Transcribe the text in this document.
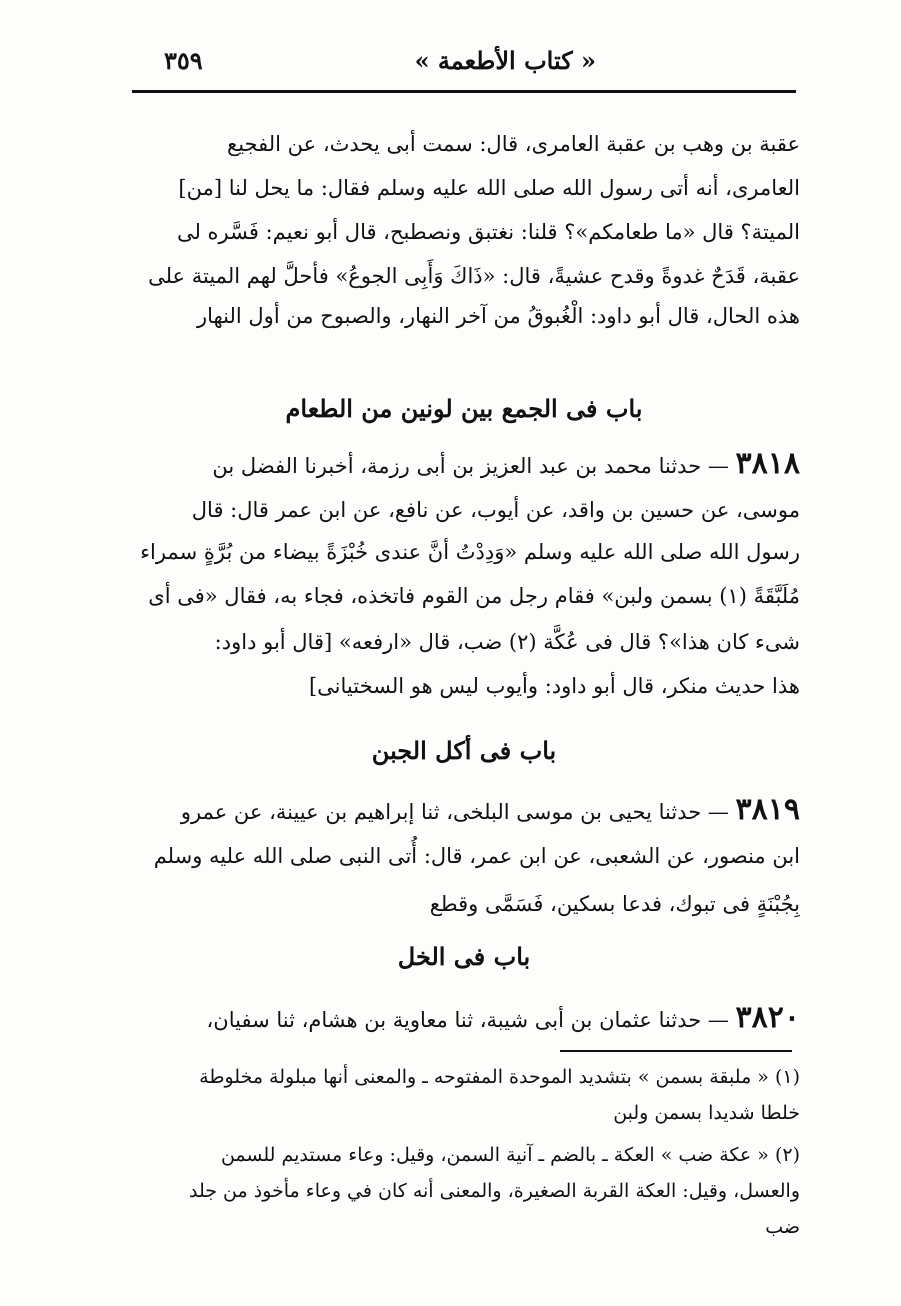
« كتاب الأطعمة »
٣٥٩
عقبة بن وهب بن عقبة العامرى، قال: سمت أبى يحدث، عن الفجيع
العامرى، أنه أتى رسول الله صلى الله عليه وسلم فقال: ما يحل لنا [من]
الميتة؟ قال «ما طعامكم»؟ قلنا: نغتبق ونصطبح، قال أبو نعيم: فَسَّره لى
عقبة، قَدَحٌ غدوةً وقدح عشيةً، قال: «ذَاكَ وَأَبِى الجوعُ» فأحلَّ لهم الميتة على
هذه الحال، قال أبو داود: الْغُبوقُ من آخر النهار، والصبوح من أول النهار
باب فى الجمع بين لونين من الطعام
٣٨١٨ — حدثنا محمد بن عبد العزيز بن أبى رزمة، أخبرنا الفضل بن
موسى، عن حسين بن واقد، عن أيوب، عن نافع، عن ابن عمر قال: قال
رسول الله صلى الله عليه وسلم «وَدِدْتُ أنَّ عندى خُبْزَةً بيضاء من بُرَّةٍ سمراء
مُلَبَّقَةً (١) بسمن ولبن» فقام رجل من القوم فاتخذه، فجاء به، فقال «فى أى
شىء كان هذا»؟ قال فى عُكَّة (٢) ضب، قال «ارفعه» [قال أبو داود:
هذا حديث منكر، قال أبو داود: وأيوب ليس هو السختيانى]
باب فى أكل الجبن
٣٨١٩ — حدثنا يحيى بن موسى البلخى، ثنا إبراهيم بن عيينة، عن عمرو
ابن منصور، عن الشعبى، عن ابن عمر، قال: أُتى النبى صلى الله عليه وسلم
بِجُبْنَةٍ فى تبوك، فدعا بسكين، فَسَمَّى وقطع
باب فى الخل
٣٨٢٠ — حدثنا عثمان بن أبى شيبة، ثنا معاوية بن هشام، ثنا سفيان،
(١) « ملبقة بسمن » بتشديد الموحدة المفتوحه ـ والمعنى أنها مبلولة مخلوطة
خلطا شديدا بسمن ولبن
(٢) « عكة ضب » العكة ـ بالضم ـ آنية السمن، وقيل: وعاء مستديم للسمن
والعسل، وقيل: العكة القربة الصغيرة، والمعنى أنه كان في وعاء مأخوذ من جلد
ضب
